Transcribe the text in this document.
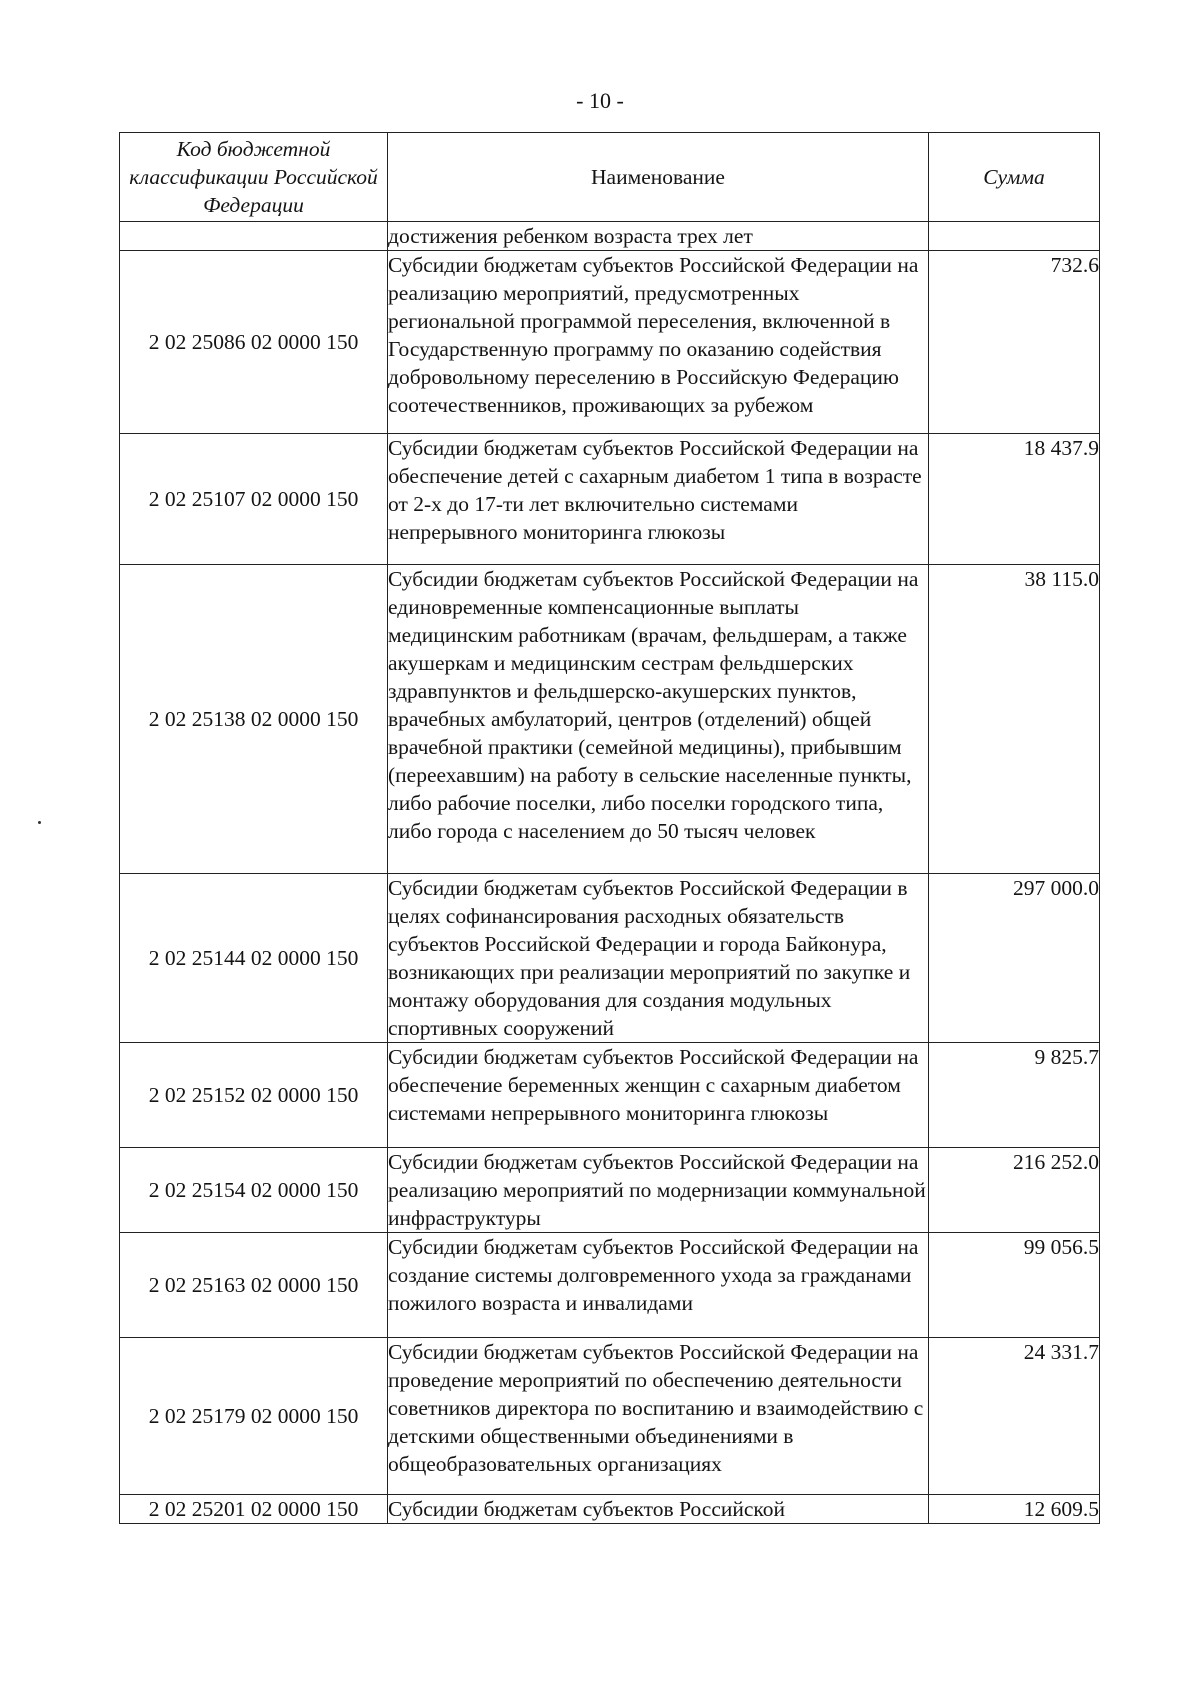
- 10 -
Код бюджетной классификации Российской Федерации	Наименование	Сумма
	достижения ребенком возраста трех лет	
2 02 25086 02 0000 150	Субсидии бюджетам субъектов Российской Федерации на реализацию мероприятий, предусмотренных региональной программой переселения, включенной в Государственную программу по оказанию содействия добровольному переселению в Российскую Федерацию соотечественников, проживающих за рубежом	732.6
2 02 25107 02 0000 150	Субсидии бюджетам субъектов Российской Федерации на обеспечение детей с сахарным диабетом 1 типа в возрасте от 2-х до 17-ти лет включительно системами непрерывного мониторинга глюкозы	18 437.9
2 02 25138 02 0000 150	Субсидии бюджетам субъектов Российской Федерации на единовременные компенсационные выплаты медицинским работникам (врачам, фельдшерам, а также акушеркам и медицинским сестрам фельдшерских здравпунктов и фельдшерско-акушерских пунктов, врачебных амбулаторий, центров (отделений) общей врачебной практики (семейной медицины), прибывшим (переехавшим) на работу в сельские населенные пункты, либо рабочие поселки, либо поселки городского типа, либо города с населением до 50 тысяч человек	38 115.0
2 02 25144 02 0000 150	Субсидии бюджетам субъектов Российской Федерации в целях софинансирования расходных обязательств субъектов Российской Федерации и города Байконура, возникающих при реализации мероприятий по закупке и монтажу оборудования для создания модульных спортивных сооружений	297 000.0
2 02 25152 02 0000 150	Субсидии бюджетам субъектов Российской Федерации на обеспечение беременных женщин с сахарным диабетом системами непрерывного мониторинга глюкозы	9 825.7
2 02 25154 02 0000 150	Субсидии бюджетам субъектов Российской Федерации на реализацию мероприятий по модернизации коммунальной инфраструктуры	216 252.0
2 02 25163 02 0000 150	Субсидии бюджетам субъектов Российской Федерации на создание системы долговременного ухода за гражданами пожилого возраста и инвалидами	99 056.5
2 02 25179 02 0000 150	Субсидии бюджетам субъектов Российской Федерации на проведение мероприятий по обеспечению деятельности советников директора по воспитанию и взаимодействию с детскими общественными объединениями в общеобразовательных организациях	24 331.7
2 02 25201 02 0000 150	Субсидии бюджетам субъектов Российской	12 609.5
